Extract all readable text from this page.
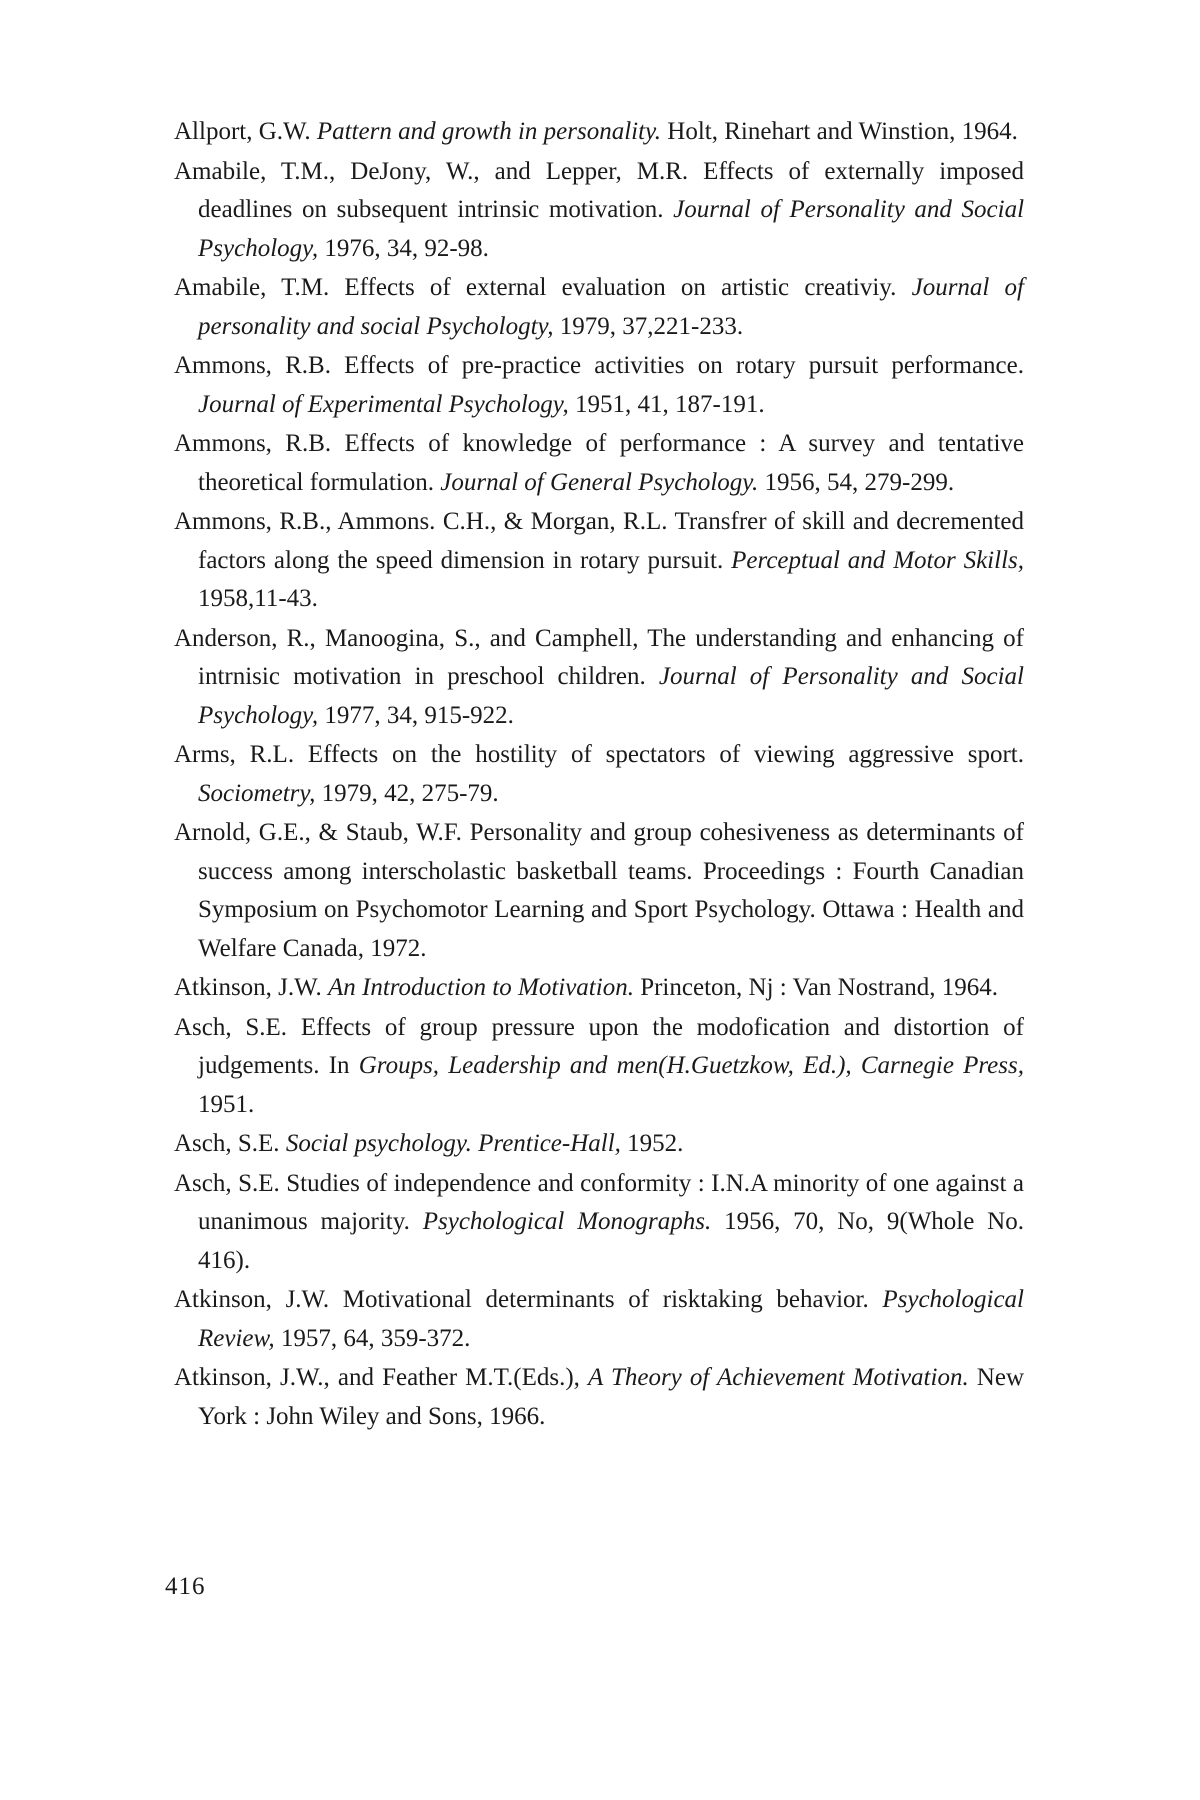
Allport, G.W. Pattern and growth in personality. Holt, Rinehart and Winstion, 1964.
Amabile, T.M., DeJony, W., and Lepper, M.R. Effects of externally imposed deadlines on subsequent intrinsic motivation. Journal of Personality and Social Psychology, 1976, 34, 92-98.
Amabile, T.M. Effects of external evaluation on artistic creativiy. Journal of personality and social Psychologty, 1979, 37,221-233.
Ammons, R.B. Effects of pre-practice activities on rotary pursuit performance. Journal of Experimental Psychology, 1951, 41, 187-191.
Ammons, R.B. Effects of knowledge of performance : A survey and tentative theoretical formulation. Journal of General Psychology. 1956, 54, 279-299.
Ammons, R.B., Ammons. C.H., & Morgan, R.L. Transfrer of skill and decremented factors along the speed dimension in rotary pursuit. Perceptual and Motor Skills, 1958,11-43.
Anderson, R., Manoogina, S., and Camphell, The understanding and enhancing of intrnisic motivation in preschool children. Journal of Personality and Social Psychology, 1977, 34, 915-922.
Arms, R.L. Effects on the hostility of spectators of viewing aggressive sport. Sociometry, 1979, 42, 275-79.
Arnold, G.E., & Staub, W.F. Personality and group cohesiveness as determinants of success among interscholastic basketball teams. Proceedings : Fourth Canadian Symposium on Psychomotor Learning and Sport Psychology. Ottawa : Health and Welfare Canada, 1972.
Atkinson, J.W. An Introduction to Motivation. Princeton, Nj : Van Nostrand, 1964.
Asch, S.E. Effects of group pressure upon the modofication and distortion of judgements. In Groups, Leadership and men(H.Guetzkow, Ed.), Carnegie Press, 1951.
Asch, S.E. Social psychology. Prentice-Hall, 1952.
Asch, S.E. Studies of independence and conformity : I.N.A minority of one against a unanimous majority. Psychological Monographs. 1956, 70, No, 9(Whole No. 416).
Atkinson, J.W. Motivational determinants of risktaking behavior. Psychological Review, 1957, 64, 359-372.
Atkinson, J.W., and Feather M.T.(Eds.), A Theory of Achievement Motivation. New York : John Wiley and Sons, 1966.
416
